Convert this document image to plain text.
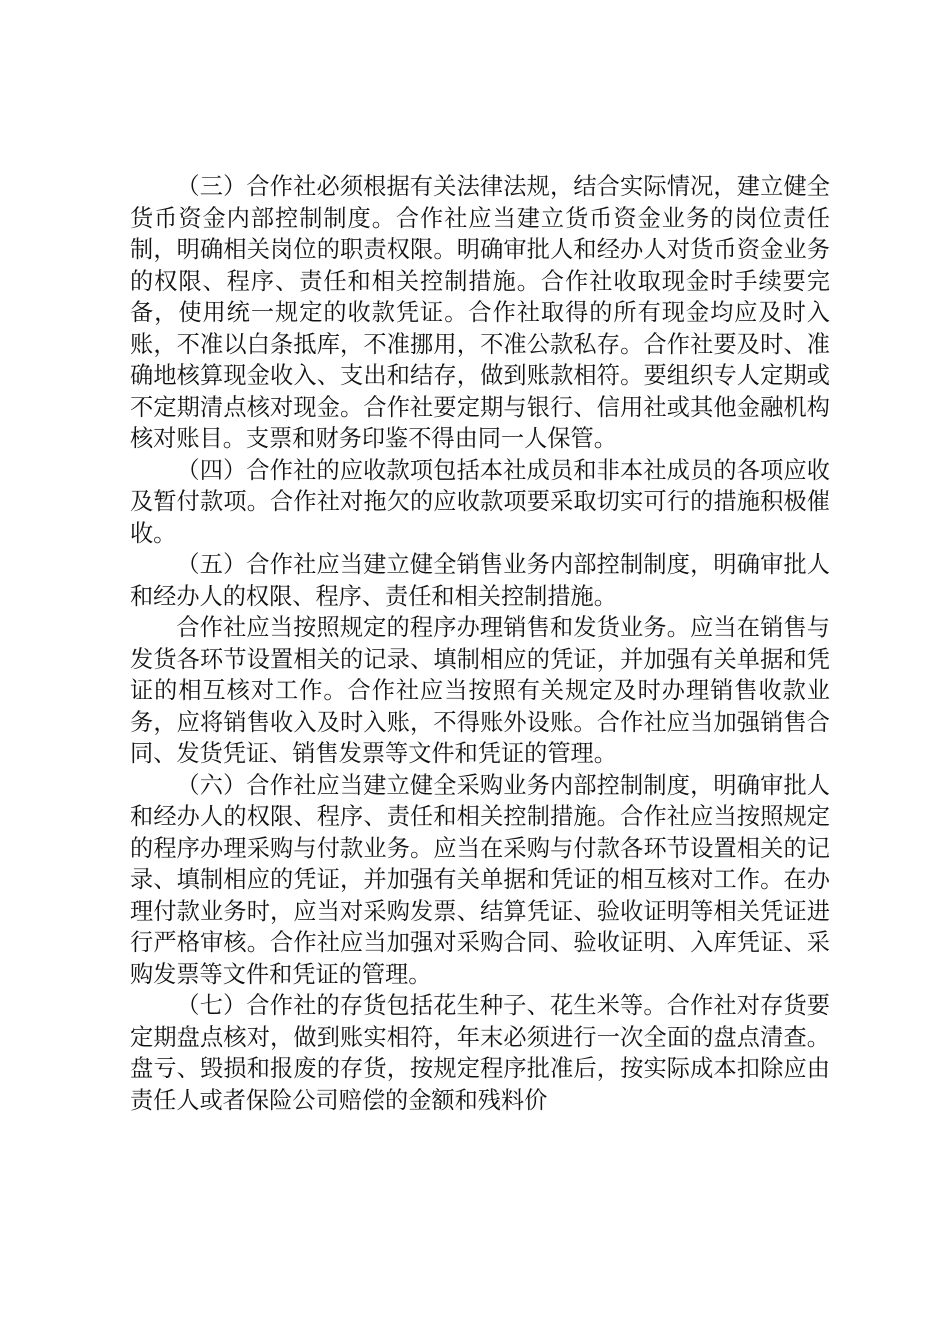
（三）合作社必须根据有关法律法规，结合实际情况，建立健全货币资金内部控制制度。合作社应当建立货币资金业务的岗位责任制，明确相关岗位的职责权限。明确审批人和经办人对货币资金业务的权限、程序、责任和相关控制措施。合作社收取现金时手续要完备，使用统一规定的收款凭证。合作社取得的所有现金均应及时入账，不准以白条抵库，不准挪用，不准公款私存。合作社要及时、准确地核算现金收入、支出和结存，做到账款相符。要组织专人定期或不定期清点核对现金。合作社要定期与银行、信用社或其他金融机构核对账目。支票和财务印鉴不得由同一人保管。

（四）合作社的应收款项包括本社成员和非本社成员的各项应收及暂付款项。合作社对拖欠的应收款项要采取切实可行的措施积极催收。

（五）合作社应当建立健全销售业务内部控制制度，明确审批人和经办人的权限、程序、责任和相关控制措施。

合作社应当按照规定的程序办理销售和发货业务。应当在销售与发货各环节设置相关的记录、填制相应的凭证，并加强有关单据和凭证的相互核对工作。合作社应当按照有关规定及时办理销售收款业务，应将销售收入及时入账，不得账外设账。合作社应当加强销售合同、发货凭证、销售发票等文件和凭证的管理。

（六）合作社应当建立健全采购业务内部控制制度，明确审批人和经办人的权限、程序、责任和相关控制措施。合作社应当按照规定的程序办理采购与付款业务。应当在采购与付款各环节设置相关的记录、填制相应的凭证，并加强有关单据和凭证的相互核对工作。在办理付款业务时，应当对采购发票、结算凭证、验收证明等相关凭证进行严格审核。合作社应当加强对采购合同、验收证明、入库凭证、采购发票等文件和凭证的管理。

（七）合作社的存货包括花生种子、花生米等。合作社对存货要定期盘点核对，做到账实相符，年末必须进行一次全面的盘点清查。盘亏、毁损和报废的存货，按规定程序批准后，按实际成本扣除应由责任人或者保险公司赔偿的金额和残料价
